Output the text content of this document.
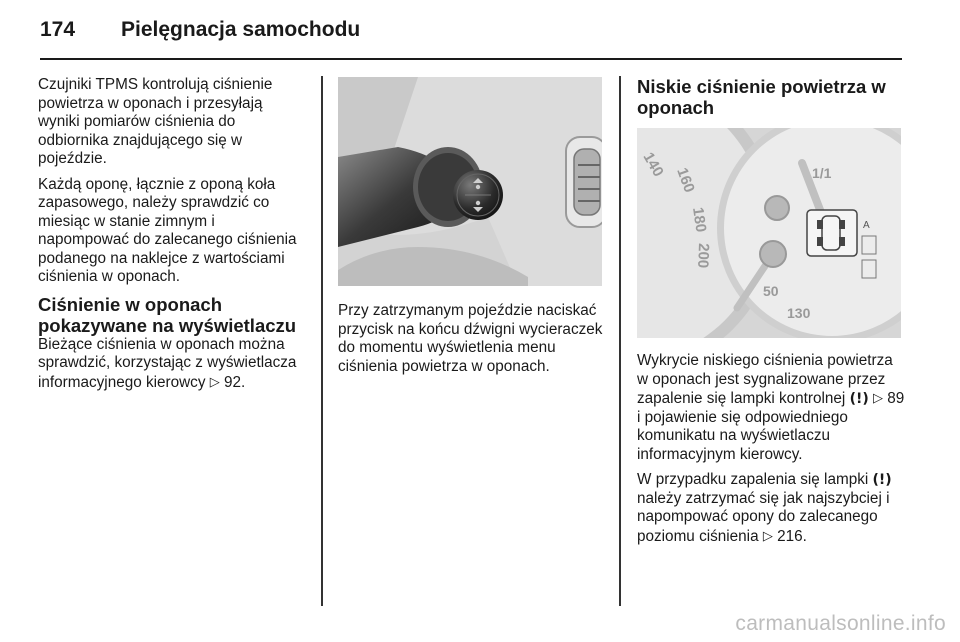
174 Pielęgnacja samochodu

Czujniki TPMS kontrolują ciśnienie powietrza w oponach i przesyłają wyniki pomiarów ciśnienia do odbiornika znajdującego się w pojeździe.

Każdą oponę, łącznie z oponą koła zapasowego, należy sprawdzić co miesiąc w stanie zimnym i napompować do zalecanego ciśnienia podanego na naklejce z wartościami ciśnienia w oponach.

Ciśnienie w oponach pokazywane na wyświetlaczu

Bieżące ciśnienia w oponach można sprawdzić, korzystając z wyświetlacza informacyjnego kierowcy ▷ 92.

Przy zatrzymanym pojeździe naciskać przycisk na końcu dźwigni wycieraczek do momentu wyświetlenia menu ciśnienia powietrza w oponach.

Niskie ciśnienie powietrza w oponach
140
160
180
200
1/1
50
130
A

Wykrycie niskiego ciśnienia powietrza w oponach jest sygnalizowane przez zapalenie się lampki kontrolnej (!) ▷ 89 i pojawienie się odpowiedniego komunikatu na wyświetlaczu informacyjnym kierowcy.

W przypadku zapalenia się lampki (!) należy zatrzymać się jak najszybciej i napompować opony do zalecanego poziomu ciśnienia ▷ 216.

carmanualsonline.info
